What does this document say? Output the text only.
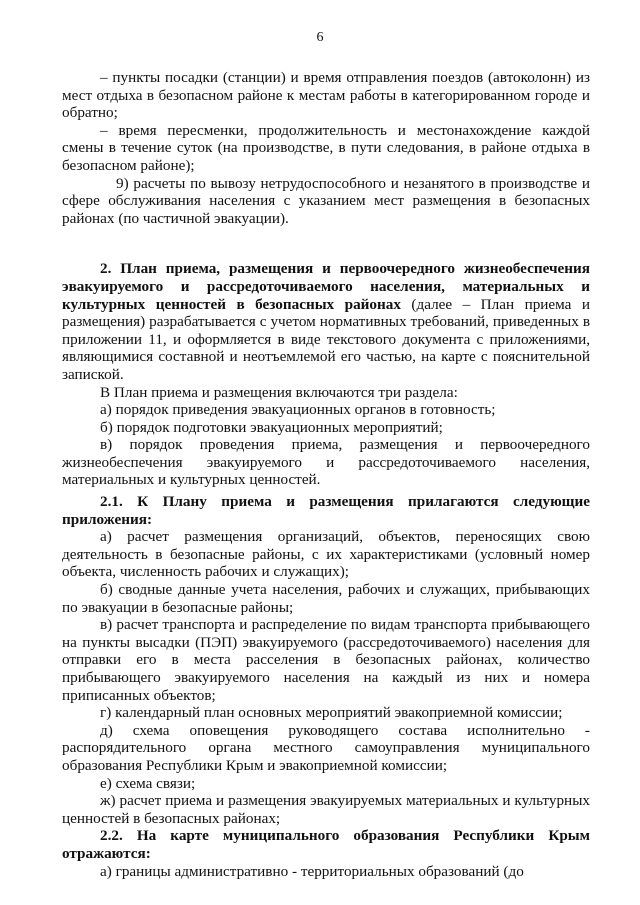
6

– пункты посадки (станции) и время отправления поездов (автоколонн) из мест отдыха в безопасном районе к местам работы в категорированном городе и обратно;

– время пересменки, продолжительность и местонахождение каждой смены в течение суток (на производстве, в пути следования, в районе отдыха в безопасном районе);

9) расчеты по вывозу нетрудоспособного и незанятого в производстве и сфере обслуживания населения с указанием мест размещения в безопасных районах (по частичной эвакуации).

2. План приема, размещения и первоочередного жизнеобеспечения эвакуируемого и рассредоточиваемого населения, материальных и культурных ценностей в безопасных районах (далее – План приема и размещения) разрабатывается с учетом нормативных требований, приведенных в приложении 11, и оформляется в виде текстового документа с приложениями, являющимися составной и неотъемлемой его частью, на карте с пояснительной запиской.

В План приема и размещения включаются три раздела:

а) порядок приведения эвакуационных органов в готовность;

б) порядок подготовки эвакуационных мероприятий;

в) порядок проведения приема, размещения и первоочередного жизнеобеспечения эвакуируемого и рассредоточиваемого населения, материальных и культурных ценностей.

2.1. К Плану приема и размещения прилагаются следующие приложения:

а) расчет размещения организаций, объектов, переносящих свою деятельность в безопасные районы, с их характеристиками (условный номер объекта, численность рабочих и служащих);

б) сводные данные учета населения, рабочих и служащих, прибывающих по эвакуации в безопасные районы;

в) расчет транспорта и распределение по видам транспорта прибывающего на пункты высадки (ПЭП) эвакуируемого (рассредоточиваемого) населения для отправки его в места расселения в безопасных районах, количество прибывающего эвакуируемого населения на каждый из них и номера приписанных объектов;

г) календарный план основных мероприятий эвакоприемной комиссии;

д) схема оповещения руководящего состава исполнительно - распорядительного органа местного самоуправления муниципального образования Республики Крым и эвакоприемной комиссии;

е) схема связи;

ж) расчет приема и размещения эвакуируемых материальных и культурных ценностей в безопасных районах;

2.2. На карте муниципального образования Республики Крым отражаются:

а) границы административно - территориальных образований (до
